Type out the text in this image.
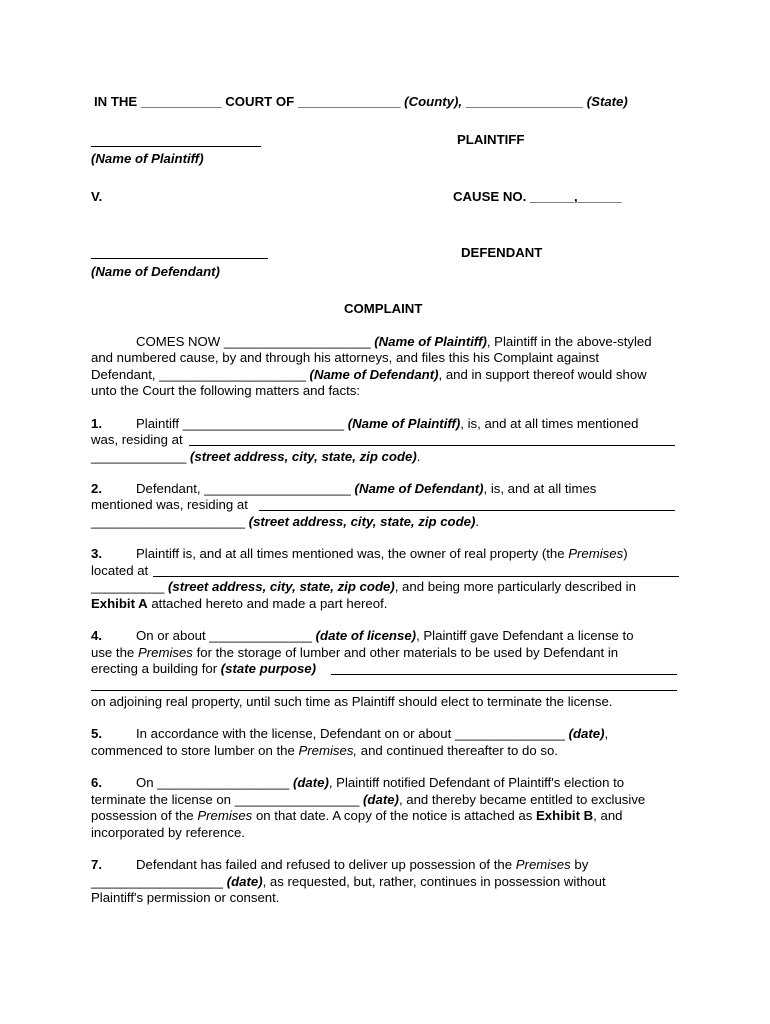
IN THE ___________ COURT OF ______________ (County), ________________ (State)
PLAINTIFF
(Name of Plaintiff)
V.	CAUSE NO. ______,______
DEFENDANT
(Name of Defendant)
COMPLAINT
COMES NOW ____________________ (Name of Plaintiff), Plaintiff in the above-styled
and numbered cause, by and through his attorneys, and files this his Complaint against
Defendant, ____________________ (Name of Defendant), and in support thereof would show
unto the Court the following matters and facts:
1.	Plaintiff ______________________ (Name of Plaintiff), is, and at all times mentioned
was, residing at
_____________ (street address, city, state, zip code).
2.	Defendant, ____________________ (Name of Defendant), is, and at all times
mentioned was, residing at
_____________________ (street address, city, state, zip code).
3.	Plaintiff is, and at all times mentioned was, the owner of real property (the Premises)
located at
__________ (street address, city, state, zip code), and being more particularly described in
Exhibit A attached hereto and made a part hereof.
4.	On or about ______________ (date of license), Plaintiff gave Defendant a license to
use the Premises for the storage of lumber and other materials to be used by Defendant in
erecting a building for (state purpose)
on adjoining real property, until such time as Plaintiff should elect to terminate the license.
5.	In accordance with the license, Defendant on or about _______________ (date),
commenced to store lumber on the Premises, and continued thereafter to do so.
6.	On __________________ (date), Plaintiff notified Defendant of Plaintiff's election to
terminate the license on _________________ (date), and thereby became entitled to exclusive
possession of the Premises on that date. A copy of the notice is attached as Exhibit B, and
incorporated by reference.
7.	Defendant has failed and refused to deliver up possession of the Premises by
__________________ (date), as requested, but, rather, continues in possession without
Plaintiff's permission or consent.
